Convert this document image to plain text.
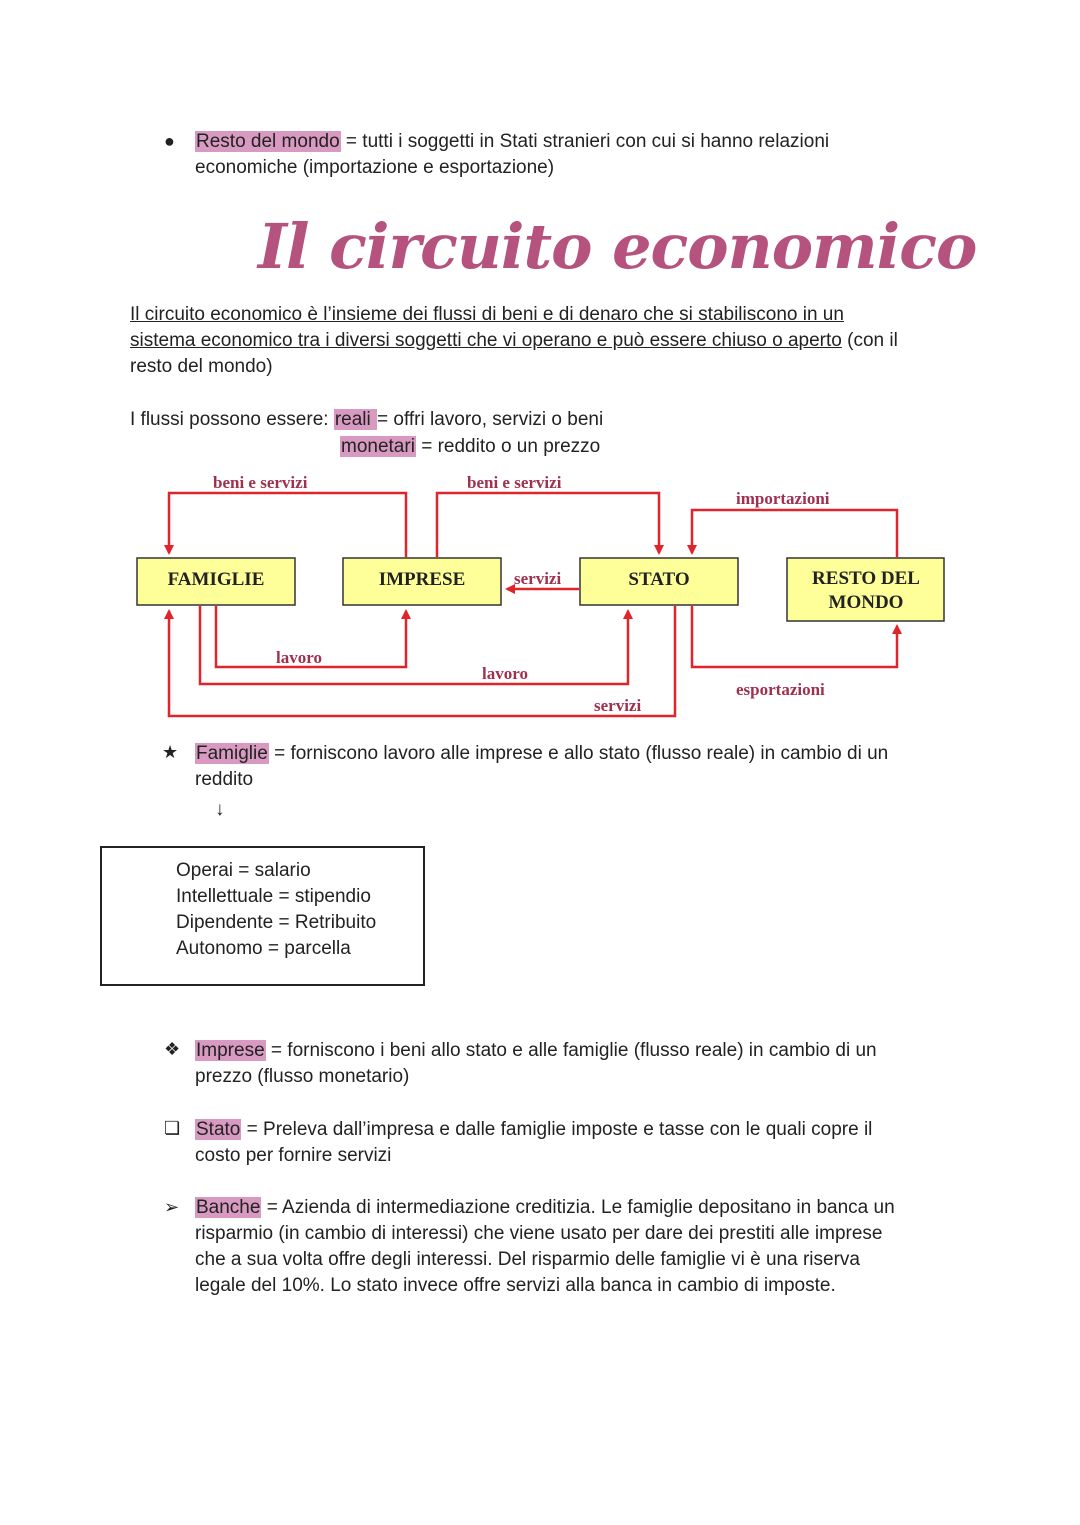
● Resto del mondo = tutti i soggetti in Stati stranieri con cui si hanno relazioni
economiche (importazione e esportazione)
Il circuito economico
Il circuito economico è l’insieme dei flussi di beni e di denaro che si stabiliscono in un
sistema economico tra i diversi soggetti che vi operano e può essere chiuso o aperto (con il
resto del mondo)
I flussi possono essere: reali = offri lavoro, servizi o beni
monetari = reddito o un prezzo
FAMIGLIE	IMPRESE	STATO	RESTO DEL
MONDO
beni e servizi	beni e servizi
importazioni
servizi
lavoro
lavoro
servizi
esportazioni
★ Famiglie = forniscono lavoro alle imprese e allo stato (flusso reale) in cambio di un
reddito
↓
Operai = salario
Intellettuale = stipendio
Dipendente = Retribuito
Autonomo = parcella
❖ Imprese = forniscono i beni allo stato e alle famiglie (flusso reale) in cambio di un
prezzo (flusso monetario)
❏ Stato = Preleva dall’impresa e dalle famiglie imposte e tasse con le quali copre il
costo per fornire servizi
➢ Banche = Azienda di intermediazione creditizia. Le famiglie depositano in banca un
risparmio (in cambio di interessi) che viene usato per dare dei prestiti alle imprese
che a sua volta offre degli interessi. Del risparmio delle famiglie vi è una riserva
legale del 10%. Lo stato invece offre servizi alla banca in cambio di imposte.
